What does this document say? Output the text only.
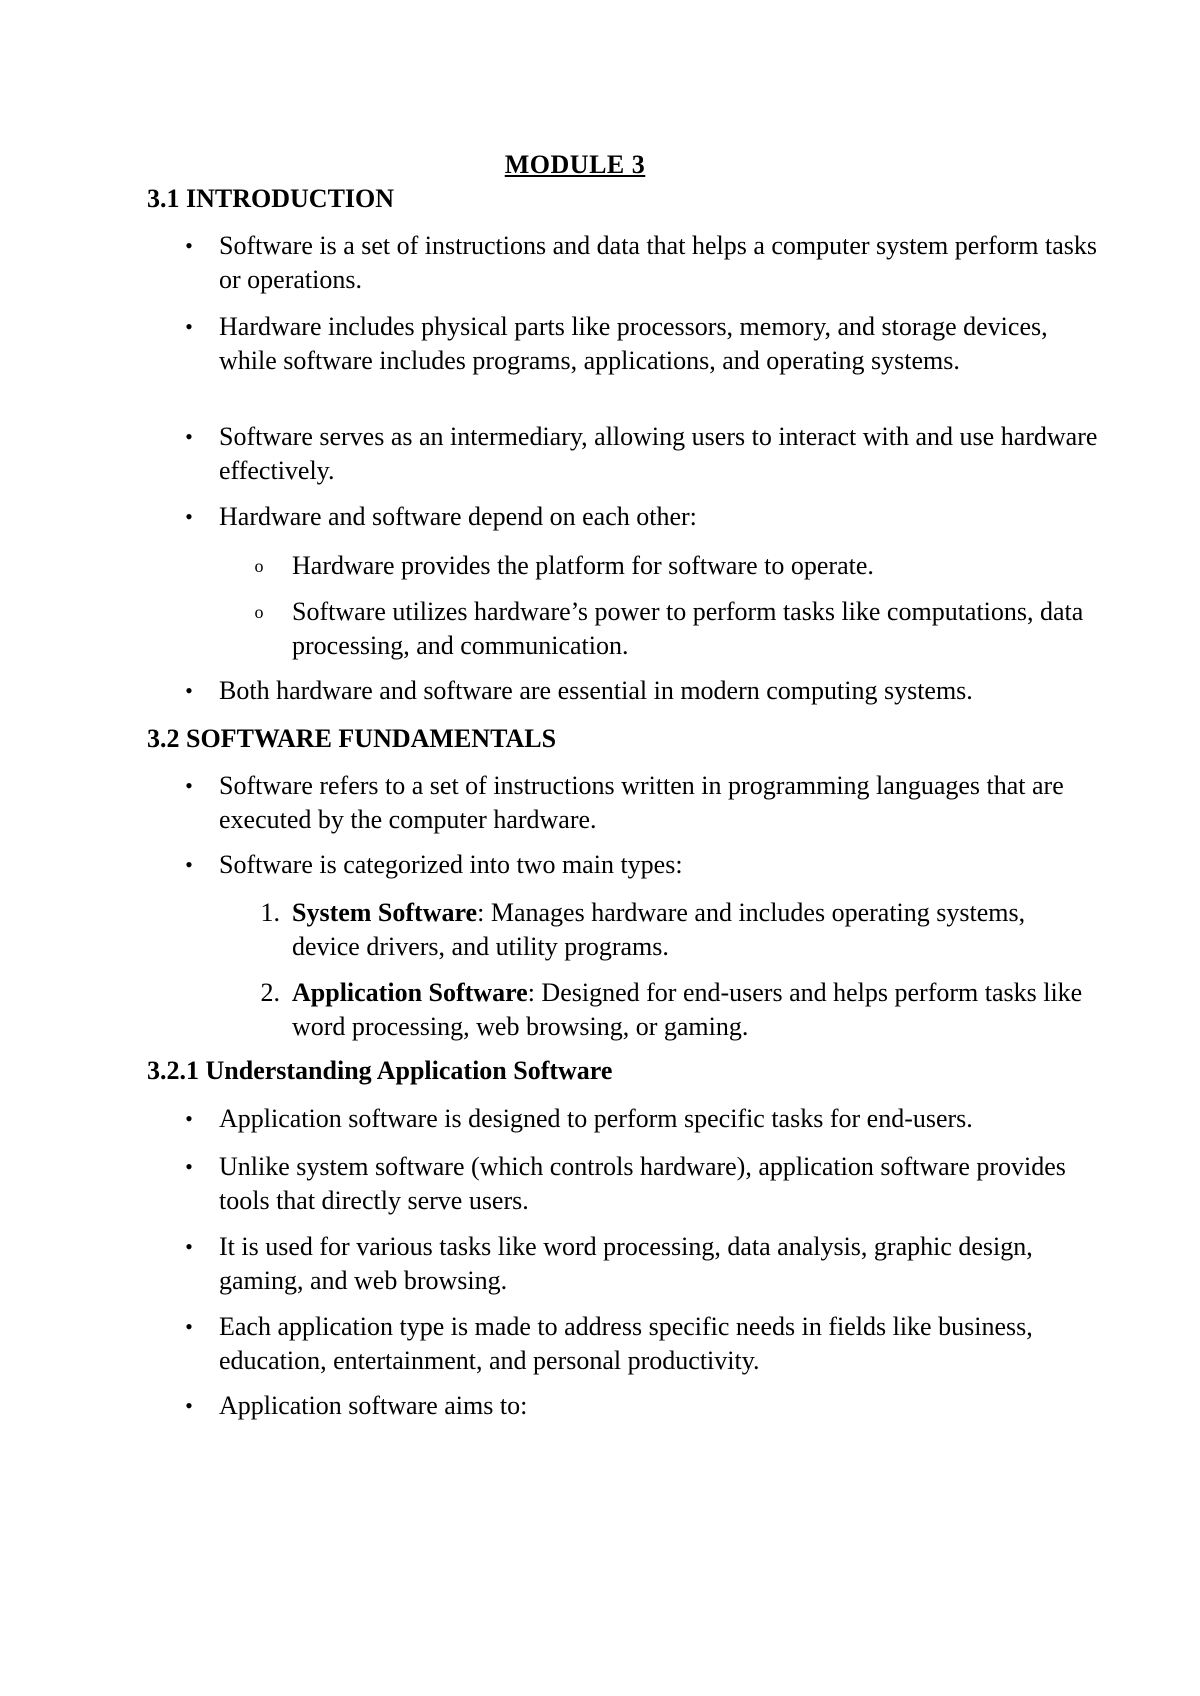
MODULE 3
3.1 INTRODUCTION
• Software is a set of instructions and data that helps a computer system perform tasks or operations.
• Hardware includes physical parts like processors, memory, and storage devices, while software includes programs, applications, and operating systems.
• Software serves as an intermediary, allowing users to interact with and use hardware effectively.
• Hardware and software depend on each other:
o Hardware provides the platform for software to operate.
o Software utilizes hardware’s power to perform tasks like computations, data processing, and communication.
• Both hardware and software are essential in modern computing systems.
3.2 SOFTWARE FUNDAMENTALS
• Software refers to a set of instructions written in programming languages that are executed by the computer hardware.
• Software is categorized into two main types:
1. System Software: Manages hardware and includes operating systems, device drivers, and utility programs.
2. Application Software: Designed for end-users and helps perform tasks like word processing, web browsing, or gaming.
3.2.1 Understanding Application Software
• Application software is designed to perform specific tasks for end-users.
• Unlike system software (which controls hardware), application software provides tools that directly serve users.
• It is used for various tasks like word processing, data analysis, graphic design, gaming, and web browsing.
• Each application type is made to address specific needs in fields like business, education, entertainment, and personal productivity.
• Application software aims to:
